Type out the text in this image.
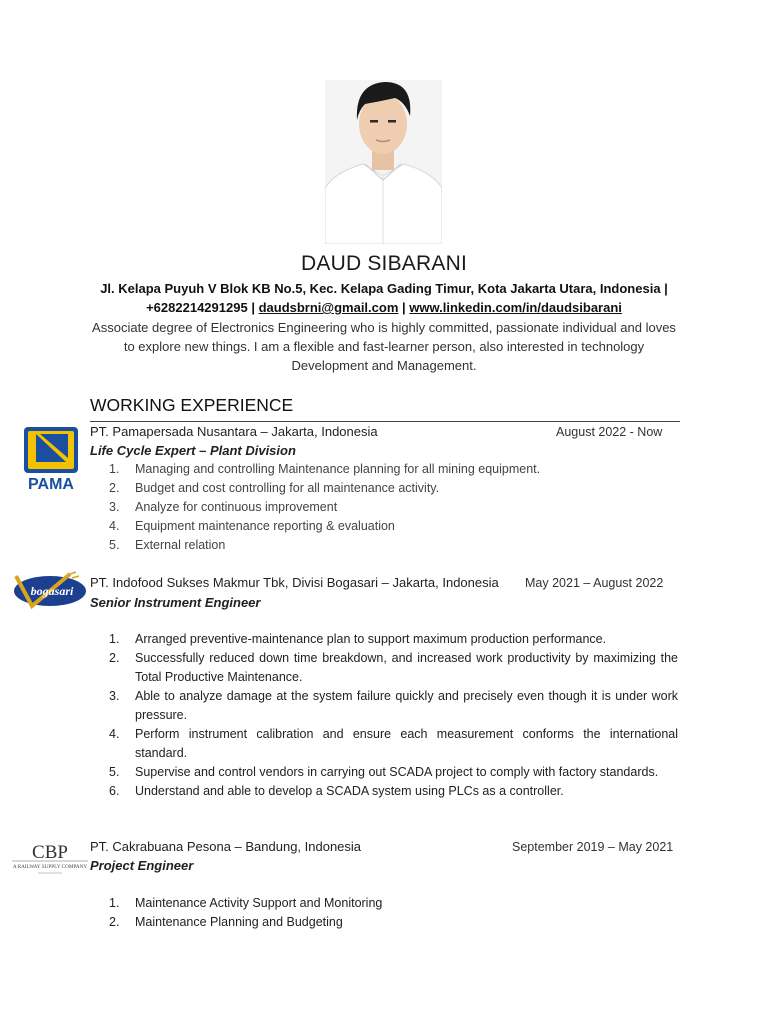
DAUD SIBARANI
Jl. Kelapa Puyuh V Blok KB No.5, Kec. Kelapa Gading Timur, Kota Jakarta Utara, Indonesia |
+6282214291295 | daudsbrni@gmail.com | www.linkedin.com/in/daudsibarani
Associate degree of Electronics Engineering who is highly committed, passionate individual and loves to explore new things. I am a flexible and fast-learner person, also interested in technology Development and Management.
WORKING EXPERIENCE
PAMA
PT. Pamapersada Nusantara – Jakarta, Indonesia	August 2022 - Now
Life Cycle Expert – Plant Division
1. Managing and controlling Maintenance planning for all mining equipment.
2. Budget and cost controlling for all maintenance activity.
3. Analyze for continuous improvement
4. Equipment maintenance reporting & evaluation
5. External relation
bogasari
PT. Indofood Sukses Makmur Tbk, Divisi Bogasari – Jakarta, Indonesia May 2021 – August 2022
Senior Instrument Engineer
1. Arranged preventive-maintenance plan to support maximum production performance.
2. Successfully reduced down time breakdown, and increased work productivity by maximizing the Total Productive Maintenance.
3. Able to analyze damage at the system failure quickly and precisely even though it is under work pressure.
4. Perform instrument calibration and ensure each measurement conforms the international standard.
5. Supervise and control vendors in carrying out SCADA project to comply with factory standards.
6. Understand and able to develop a SCADA system using PLCs as a controller.
CBP
A RAILWAY SUPPLY COMPANY
PT. Cakrabuana Pesona – Bandung, Indonesia	September 2019 – May 2021
Project Engineer
1. Maintenance Activity Support and Monitoring
2. Maintenance Planning and Budgeting
